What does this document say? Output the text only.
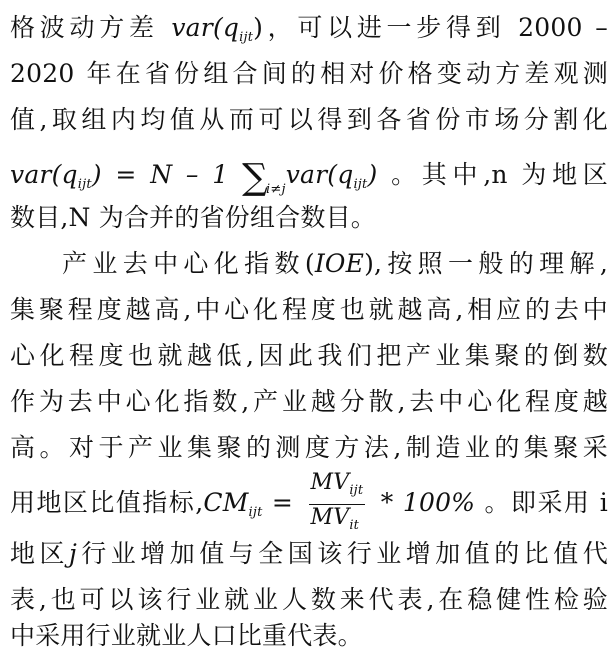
格波动方差 $var(q_{ijt})$，可以进一步得到 2000 –
2020 年在省份组合间的相对价格变动方差观测
值,取组内均值从而可以得到各省份市场分割化
$var(q_{ijt}) = N - 1$ $\sum_{i\ne j}var(q_{ijt})$ 。其中,n 为地区
数目,N 为合并的省份组合数目。
产业去中心化指数(IOE),按照一般的理解,
集聚程度越高,中心化程度也就越高,相应的去中
心化程度也就越低,因此我们把产业集聚的倒数
作为去中心化指数,产业越分散,去中心化程度越
高。对于产业集聚的测度方法,制造业的集聚采
用地区比值指标$,CM_{ijt} = \frac{MV_{ijt}}{MV_{it}} * 100\%$ 。即采用 i
地区j行业增加值与全国该行业增加值的比值代
表,也可以该行业就业人数来代表,在稳健性检验
中采用行业就业人口比重代表。
